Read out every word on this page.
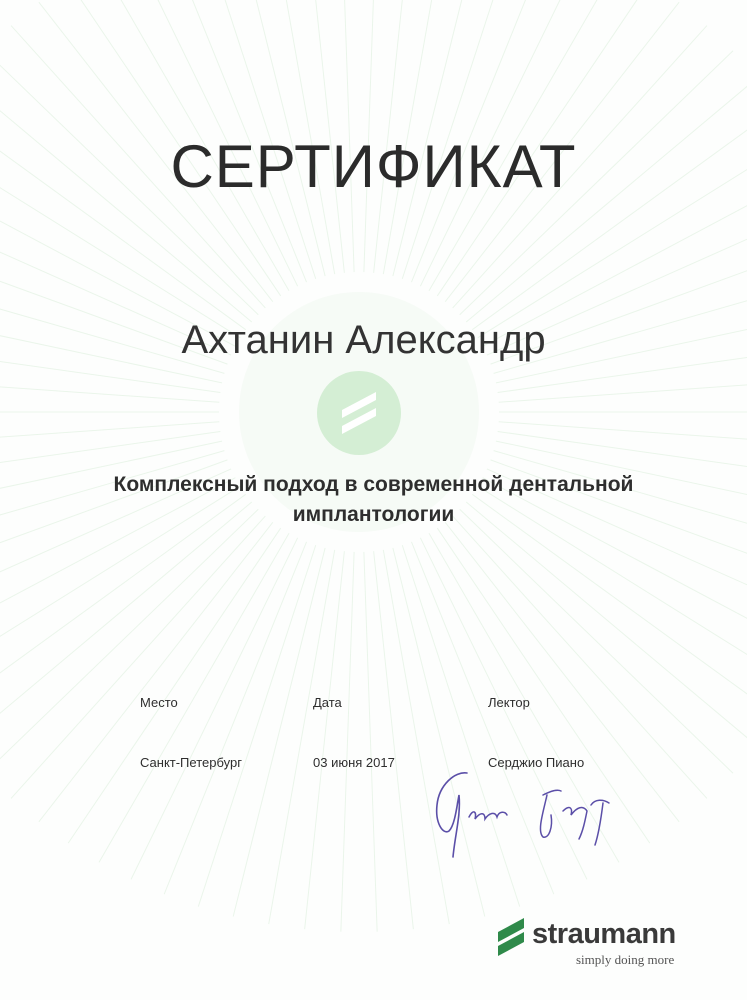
СЕРТИФИКАТ
Ахтанин Александр
Комплексный подход в современной дентальной
имплантологии
Место	Дата	Лектор
Санкт-Петербург	03 июня 2017	Серджио Пиано
straumann
simply doing more
